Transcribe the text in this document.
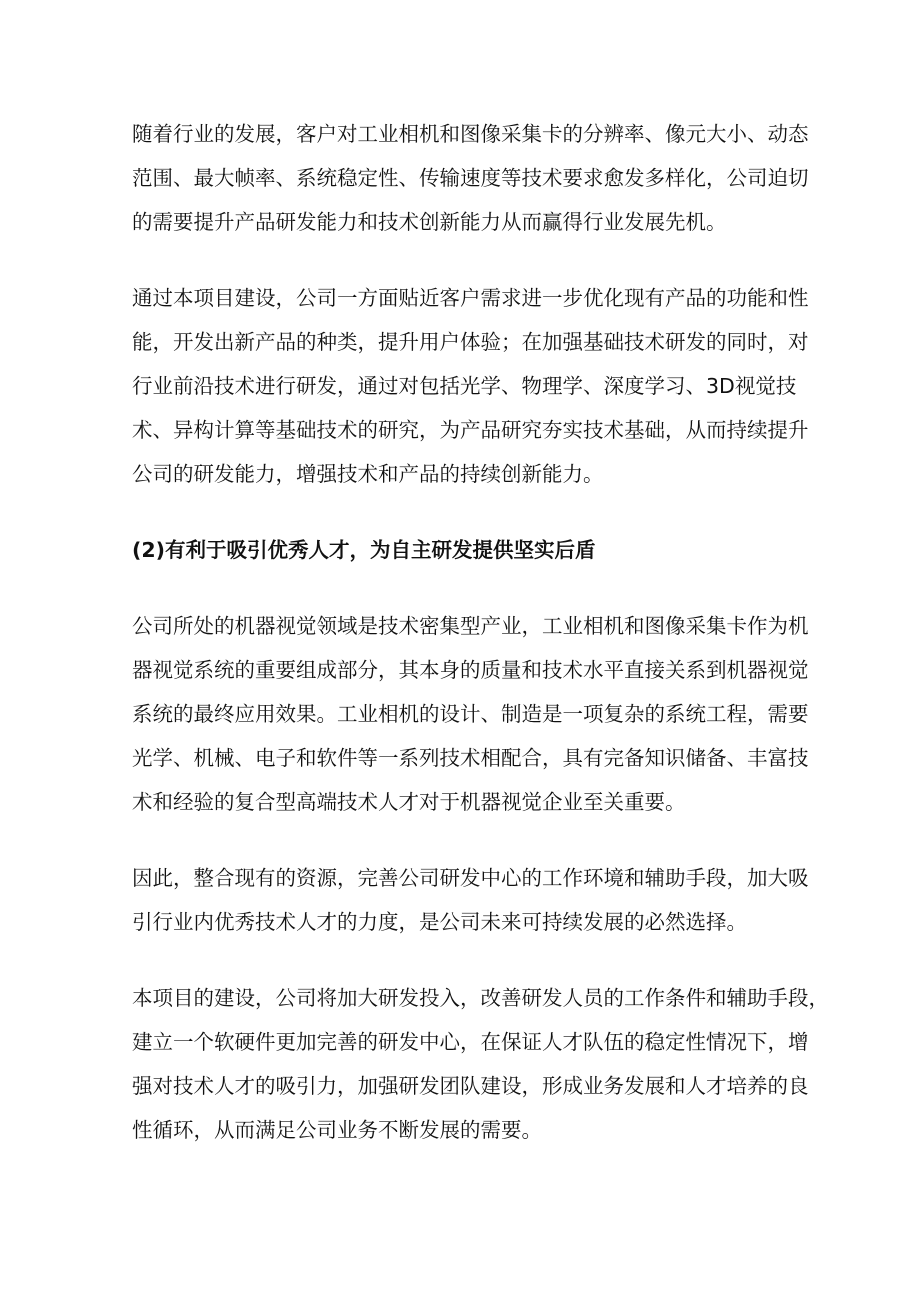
随着行业的发展，客户对工业相机和图像采集卡的分辨率、像元大小、动态
范围、最大帧率、系统稳定性、传输速度等技术要求愈发多样化，公司迫切
的需要提升产品研发能力和技术创新能力从而赢得行业发展先机。

通过本项目建设，公司一方面贴近客户需求进一步优化现有产品的功能和性
能，开发出新产品的种类，提升用户体验；在加强基础技术研发的同时，对
行业前沿技术进行研发，通过对包括光学、物理学、深度学习、3D视觉技
术、异构计算等基础技术的研究，为产品研究夯实技术基础，从而持续提升
公司的研发能力，增强技术和产品的持续创新能力。

(2)有利于吸引优秀人才，为自主研发提供坚实后盾

公司所处的机器视觉领域是技术密集型产业，工业相机和图像采集卡作为机
器视觉系统的重要组成部分，其本身的质量和技术水平直接关系到机器视觉
系统的最终应用效果。工业相机的设计、制造是一项复杂的系统工程，需要
光学、机械、电子和软件等一系列技术相配合，具有完备知识储备、丰富技
术和经验的复合型高端技术人才对于机器视觉企业至关重要。

因此，整合现有的资源，完善公司研发中心的工作环境和辅助手段，加大吸
引行业内优秀技术人才的力度，是公司未来可持续发展的必然选择。

本项目的建设，公司将加大研发投入，改善研发人员的工作条件和辅助手段，
建立一个软硬件更加完善的研发中心，在保证人才队伍的稳定性情况下，增
强对技术人才的吸引力，加强研发团队建设，形成业务发展和人才培养的良
性循环，从而满足公司业务不断发展的需要。
